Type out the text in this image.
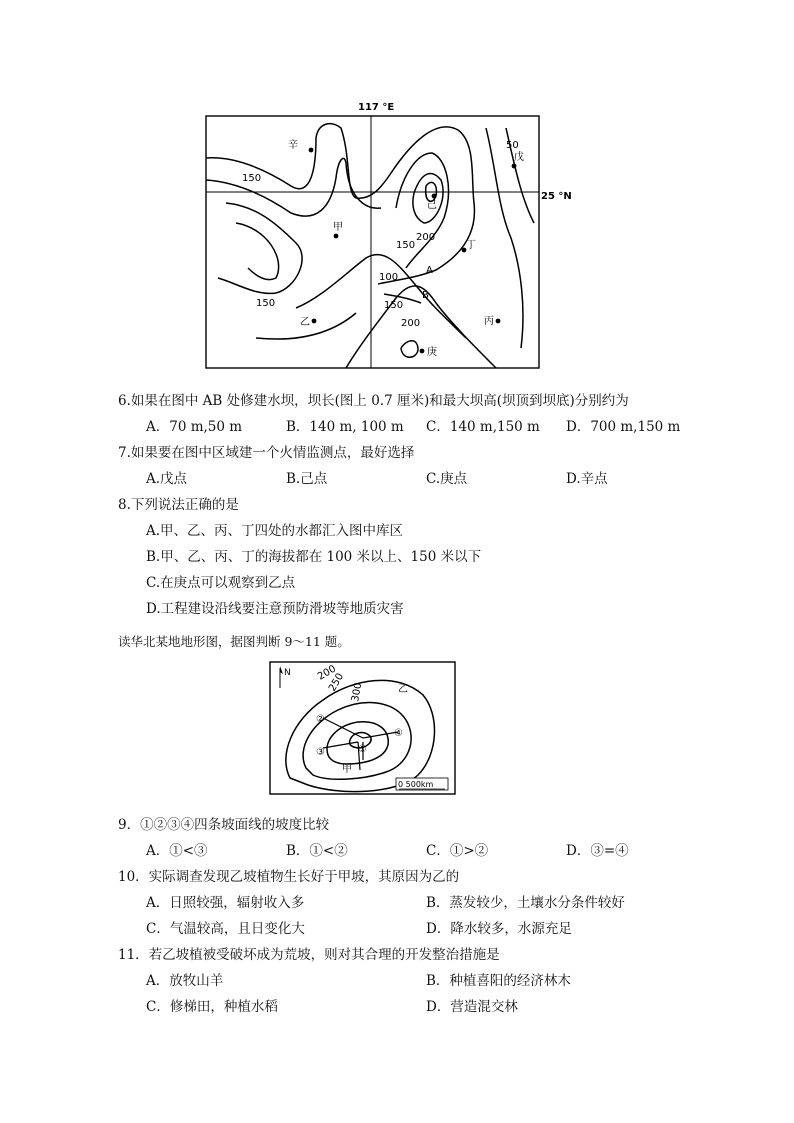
117 °E
25 °N
150
50
200
150
100
150	150
200
辛
戊
己
甲
丁
A
B
乙	丙
庚
6.如果在图中 AB 处修建水坝，坝长(图上 0.7 厘米)和最大坝高(坝顶到坝底)分别约为
A．70 m,50 m	B．140 m, 100 m C．140 m,150 m D．700 m,150 m
7.如果要在图中区域建一个火情监测点，最好选择
A.戊点	B.己点	C.庚点	D.辛点
8.下列说法正确的是
A.甲、乙、丙、丁四处的水都汇入图中库区
B.甲、乙、丙、丁的海拔都在 100 米以上、150 米以下
C.在庚点可以观察到乙点
D.工程建设沿线要注意预防滑坡等地质灾害
读华北某地地形图，据图判断 9～11 题。
N	200
250 300	乙
②
④
③	①
甲
0 500km
9．①②③④四条坡面线的坡度比较
A．①<③	B．①<②	C．①>②	D．③=④
10．实际调查发现乙坡植物生长好于甲坡，其原因为乙的
A．日照较强，辐射收入多	B．蒸发较少，土壤水分条件较好
C．气温较高，且日变化大	D．降水较多，水源充足
11．若乙坡植被受破坏成为荒坡，则对其合理的开发整治措施是
A．放牧山羊	B．种植喜阳的经济林木
C．修梯田，种植水稻	D．营造混交林
